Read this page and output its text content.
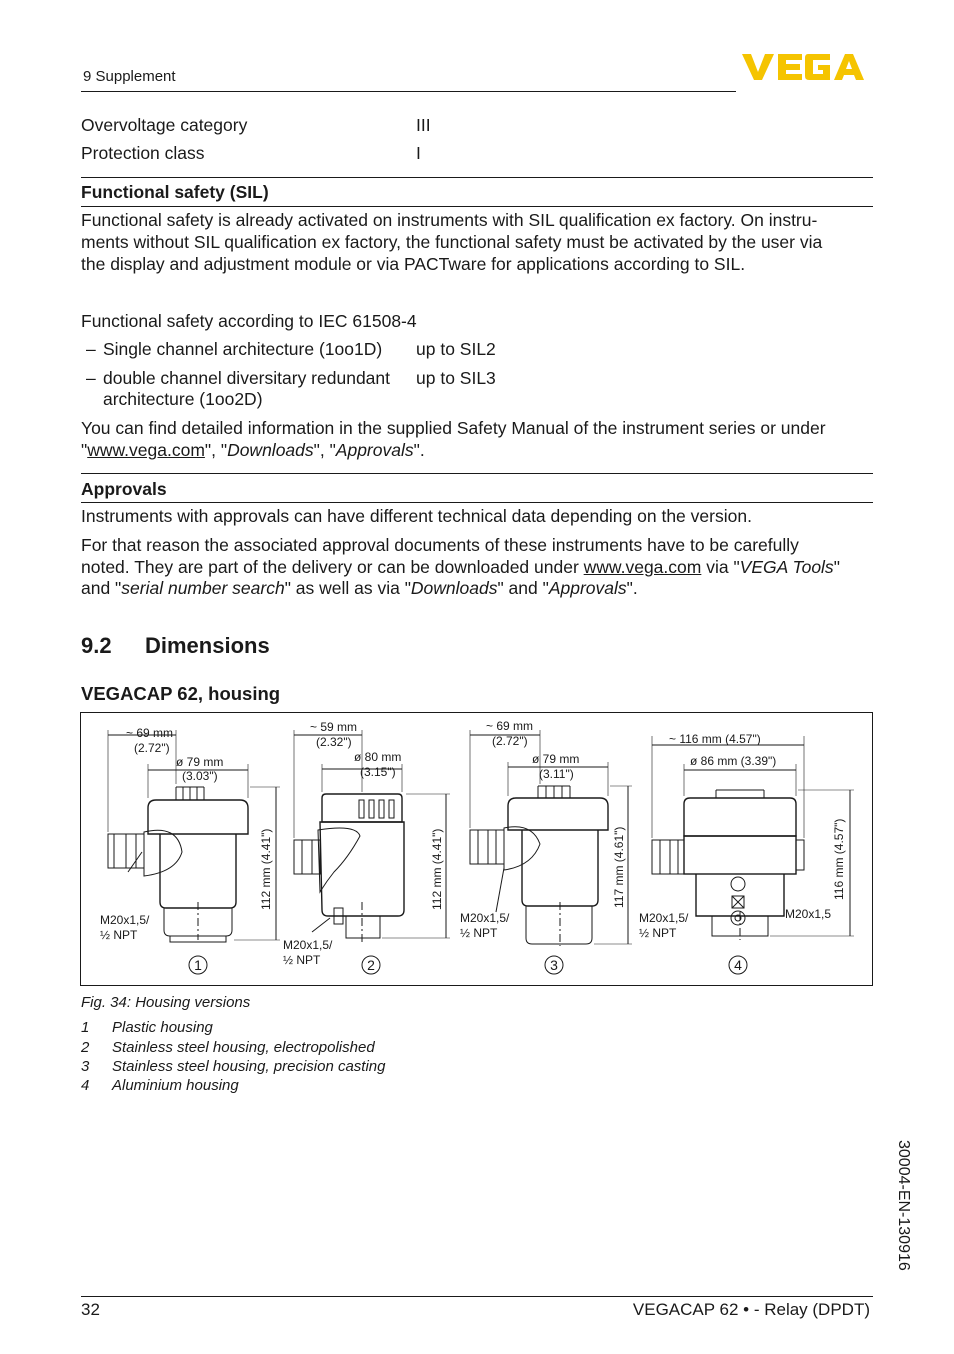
9 Supplement
Overvoltage category	III
Protection class	I
Functional safety (SIL)
Functional safety is already activated on instruments with SIL qualification ex factory. On instru-
ments without SIL qualification ex factory, the functional safety must be activated by the user via
the display and adjustment module or via PACTware for applications according to SIL.
Functional safety according to IEC 61508-4
– Single channel architecture (1oo1D) up to SIL2
– double channel diversitary redundant
architecture (1oo2D)
up to SIL3
You can find detailed information in the supplied Safety Manual of the instrument series or under
"www.vega.com", "Downloads", "Approvals".
Approvals
Instruments with approvals can have different technical data depending on the version.
For that reason the associated approval documents of these instruments have to be carefully
noted. They are part of the delivery or can be downloaded under www.vega.com via "VEGA Tools"
and "serial number search" as well as via "Downloads" and "Approvals".
9.2 Dimensions
VEGACAP 62, housing
~ 69 mm
(2.72")
ø 79 mm
(3.03")
112 mm (4.41")
M20x1,5/
½ NPT
~ 59 mm
(2.32")
ø 80 mm
(3.15")
112 mm (4.41")
M20x1,5/
½ NPT
~ 69 mm
(2.72")
ø 79 mm
(3.11")
117 mm (4.61")
M20x1,5/
½ NPT
~ 116 mm (4.57")
ø 86 mm (3.39")
116 mm (4.57")
M20x1,5/
½ NPT
M20x1,5
1	2	3	4
Fig. 34: Housing versions
1 Plastic housing
2 Stainless steel housing, electropolished
3 Stainless steel housing, precision casting
4 Aluminium housing
30004-EN-130916
32	VEGACAP 62 • - Relay (DPDT)
